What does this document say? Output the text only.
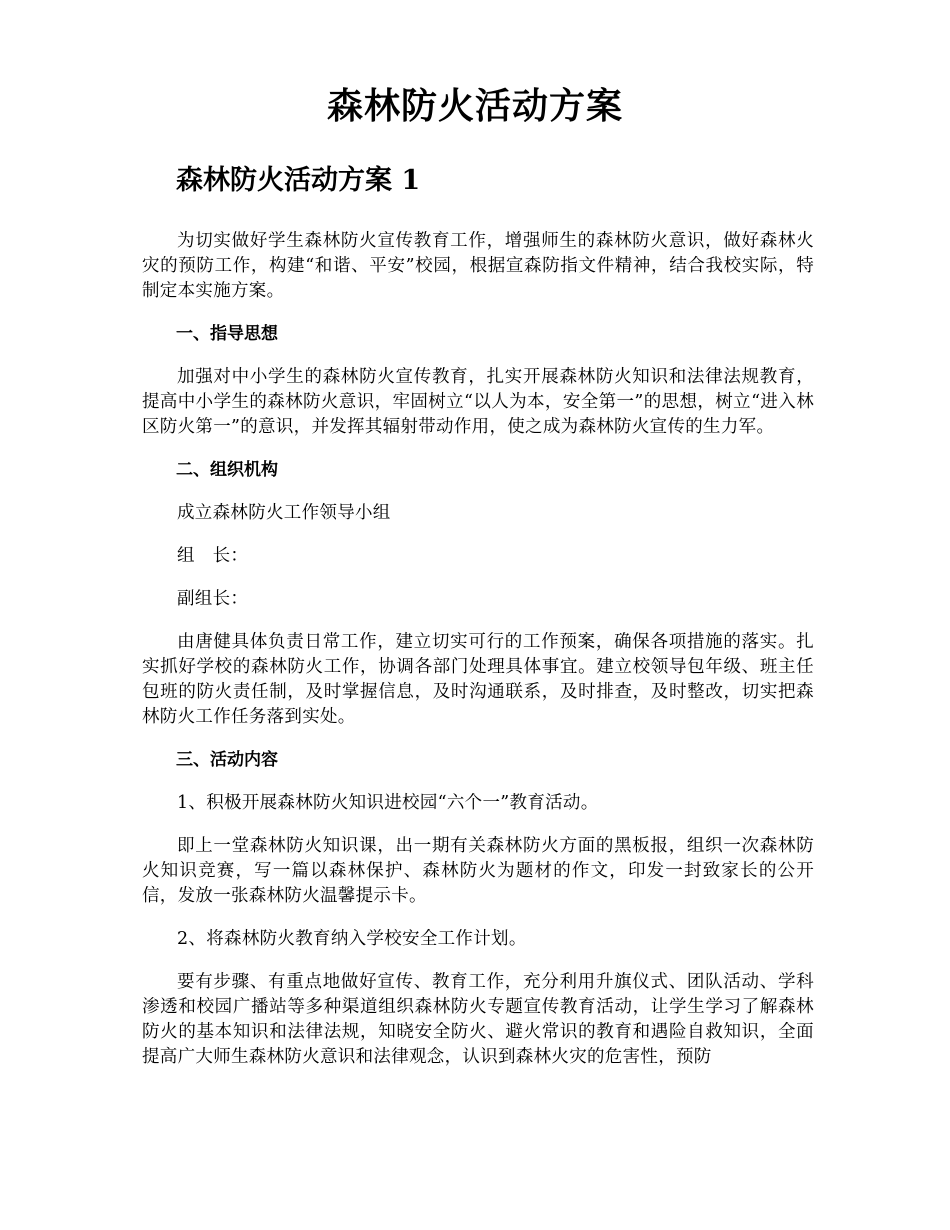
森林防火活动方案
森林防火活动方案 1

为切实做好学生森林防火宣传教育工作，增强师生的森林防火意识，做好森林火灾的预防工作，构建“和谐、平安”校园，根据宣森防指文件精神，结合我校实际，特制定本实施方案。

一、指导思想

加强对中小学生的森林防火宣传教育，扎实开展森林防火知识和法律法规教育，提高中小学生的森林防火意识，牢固树立“以人为本，安全第一”的思想，树立“进入林区防火第一”的意识，并发挥其辐射带动作用，使之成为森林防火宣传的生力军。

二、组织机构

成立森林防火工作领导小组

组　长：

副组长：

由唐健具体负责日常工作，建立切实可行的工作预案，确保各项措施的落实。扎实抓好学校的森林防火工作，协调各部门处理具体事宜。建立校领导包年级、班主任包班的防火责任制，及时掌握信息，及时沟通联系，及时排查，及时整改，切实把森林防火工作任务落到实处。

三、活动内容

1、积极开展森林防火知识进校园“六个一”教育活动。

即上一堂森林防火知识课，出一期有关森林防火方面的黑板报，组织一次森林防火知识竞赛，写一篇以森林保护、森林防火为题材的作文，印发一封致家长的公开信，发放一张森林防火温馨提示卡。

2、将森林防火教育纳入学校安全工作计划。

要有步骤、有重点地做好宣传、教育工作，充分利用升旗仪式、团队活动、学科渗透和校园广播站等多种渠道组织森林防火专题宣传教育活动，让学生学习了解森林防火的基本知识和法律法规，知晓安全防火、避火常识的教育和遇险自救知识，全面提高广大师生森林防火意识和法律观念，认识到森林火灾的危害性，预防
